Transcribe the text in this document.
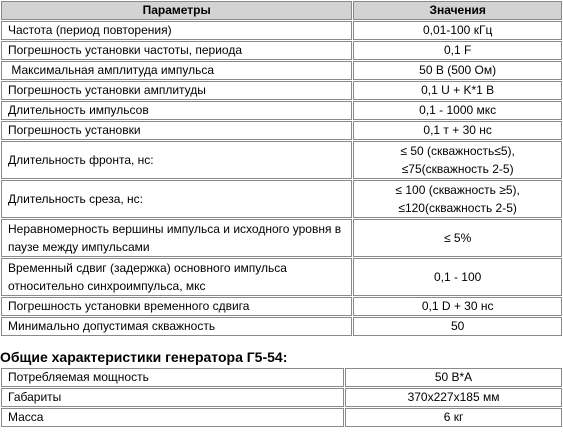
Параметры	Значения
Частота (период повторения)	0,01-100 кГц
Погрешность установки частоты, периода	0,1 F
Максимальная амплитуда импульса	50 В (500 Ом)
Погрешность установки амплитуды	0,1 U + K*1 В
Длительность импульсов	0,1 - 1000 мкс
Погрешность установки	0,1 т + 30 нс
Длительность фронта, нс:	≤ 50 (скважность≤5),
≤75(скважность 2-5)

Длительность среза, нс:	≤ 100 (скважность ≥5),
≤120(скважность 2-5)

Неравномерность вершины импульса и исходного уровня в
паузе между импульсами	≤ 5%

Временный сдвиг (задержка) основного импульса
относительно синхроимпульса, мкс	0,1 - 100
Погрешность установки временного сдвига	0,1 D + 30 нс
Минимально допустимая скважность	50
Общие характеристики генератора Г5-54:
Потребляемая мощность	50 В*А
Габариты	370x227x185 мм
Масса	6 кг
